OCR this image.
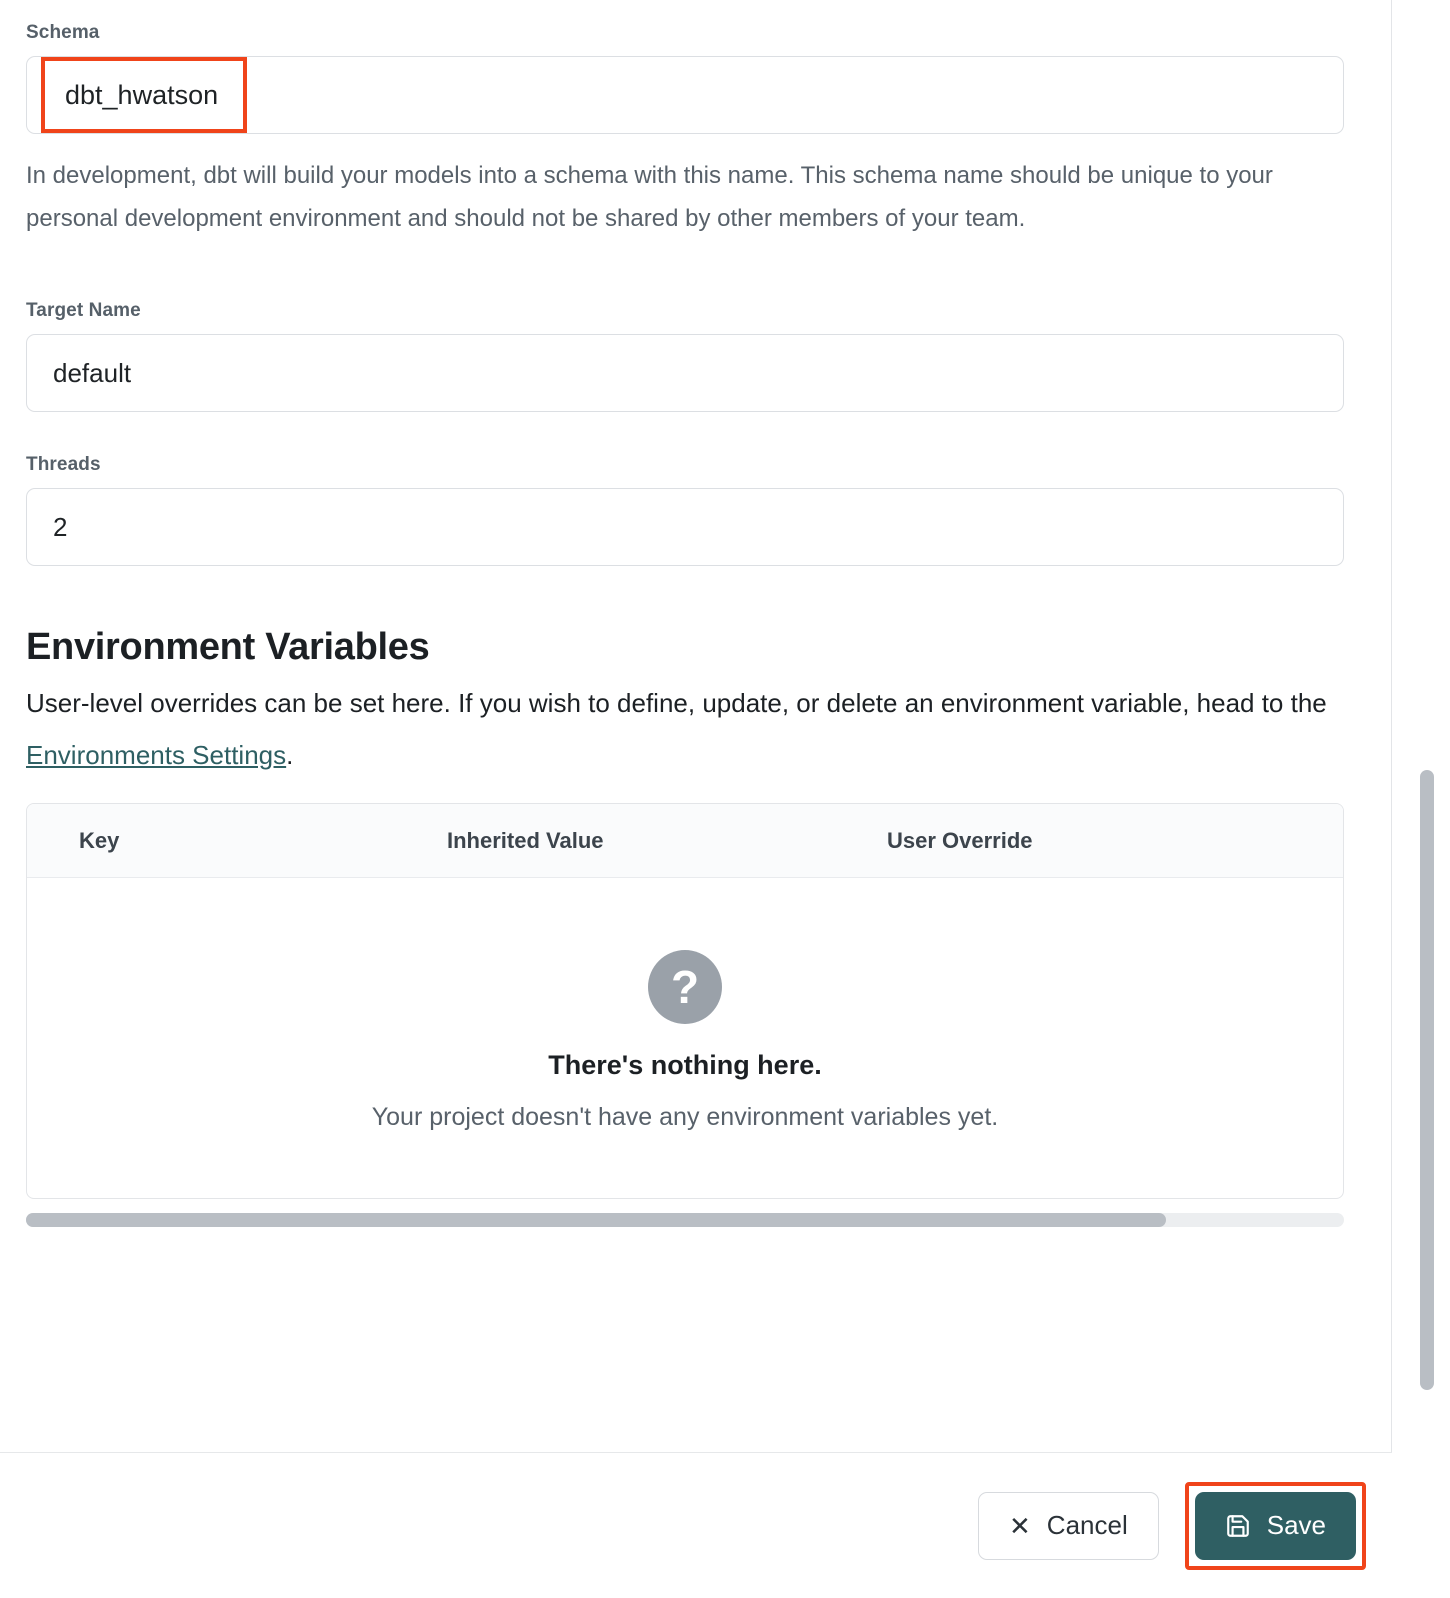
Schema
dbt_hwatson

In development, dbt will build your models into a schema with this name. This schema name should be unique to your personal development environment and should not be shared by other members of your team.

Target Name
default
Threads
2
Environment Variables

User-level overrides can be set here. If you wish to define, update, or delete an environment variable, head to the Environments Settings.

Key	Inherited Value	User Override
?
There's nothing here.
Your project doesn't have any environment variables yet.
✕ Cancel	Save
